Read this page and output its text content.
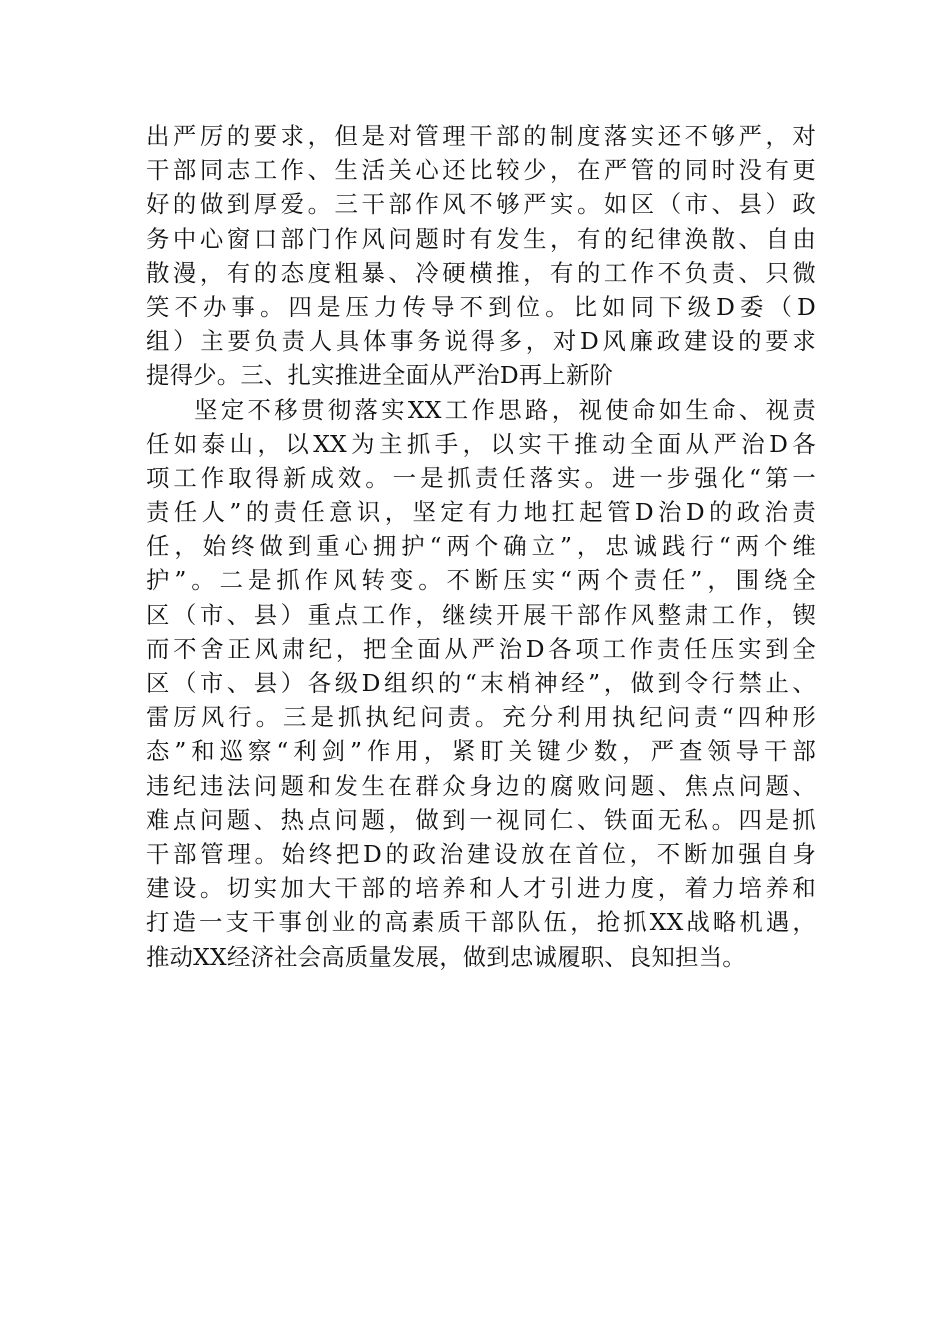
出严厉的要求，但是对管理干部的制度落实还不够严，对
干部同志工作、生活关心还比较少，在严管的同时没有更
好的做到厚爱。三干部作风不够严实。如区（市、县）政
务中心窗口部门作风问题时有发生，有的纪律涣散、自由
散漫，有的态度粗暴、冷硬横推，有的工作不负责、只微
笑不办事。四是压力传导不到位。比如同下级D委（D
组）主要负责人具体事务说得多，对D风廉政建设的要求
提得少。三、扎实推进全面从严治D再上新阶
坚定不移贯彻落实XX工作思路，视使命如生命、视责
任如泰山，以XX为主抓手，以实干推动全面从严治D各
项工作取得新成效。一是抓责任落实。进一步强化“第一
责任人”的责任意识，坚定有力地扛起管D治D的政治责
任，始终做到重心拥护“两个确立”，忠诚践行“两个维
护”。二是抓作风转变。不断压实“两个责任”，围绕全
区（市、县）重点工作，继续开展干部作风整肃工作，锲
而不舍正风肃纪，把全面从严治D各项工作责任压实到全
区（市、县）各级D组织的“末梢神经”，做到令行禁止、
雷厉风行。三是抓执纪问责。充分利用执纪问责“四种形
态”和巡察“利剑”作用，紧盯关键少数，严查领导干部
违纪违法问题和发生在群众身边的腐败问题、焦点问题、
难点问题、热点问题，做到一视同仁、铁面无私。四是抓
干部管理。始终把D的政治建设放在首位，不断加强自身
建设。切实加大干部的培养和人才引进力度，着力培养和
打造一支干事创业的高素质干部队伍，抢抓XX战略机遇，
推动XX经济社会高质量发展，做到忠诚履职、良知担当。
